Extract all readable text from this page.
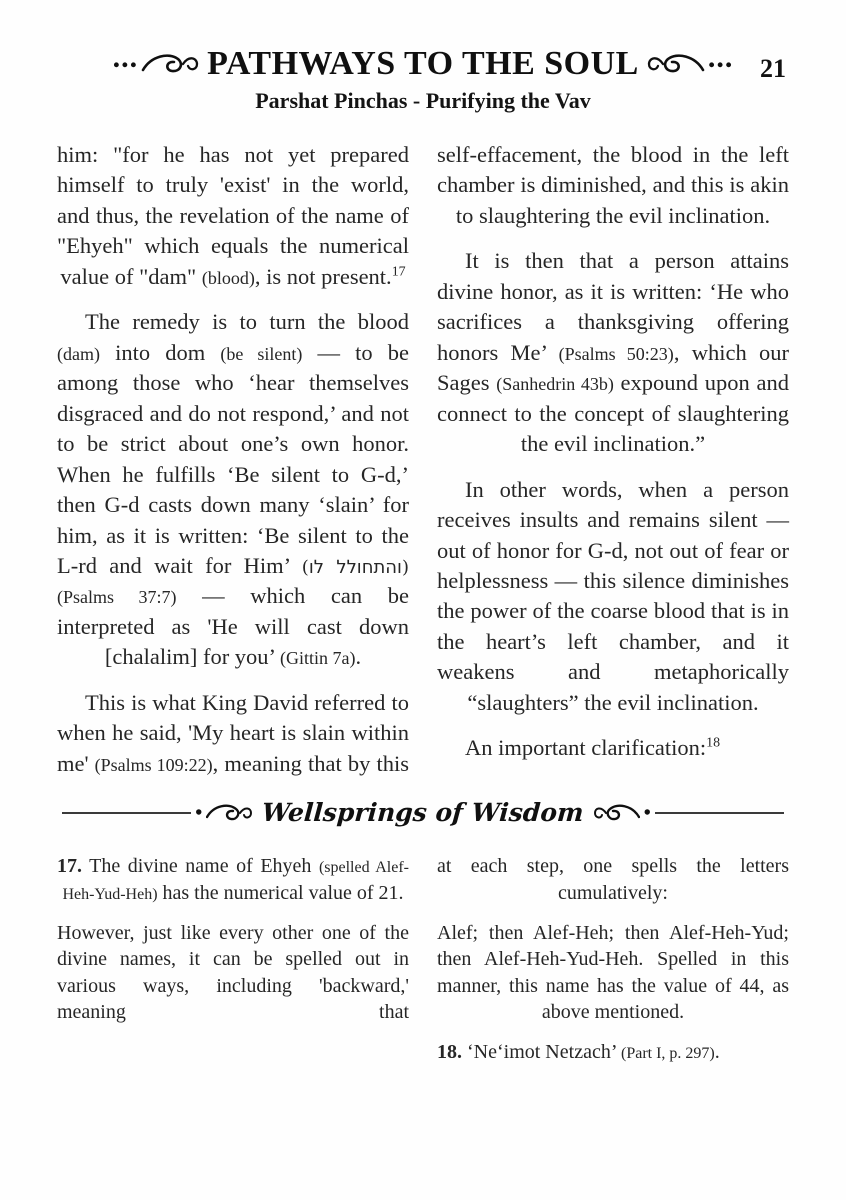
... PATHWAYS TO THE SOUL ... 21
Parshat Pinchas - Purifying the Vav

him: "for he has not yet prepared himself to truly 'exist' in the world, and thus, the revelation of the name of "Ehyeh" which equals the numerical value of "dam" (blood), is not present.$^{17}$

The remedy is to turn the blood (dam) into dom (be silent) — to be among those who ‘hear themselves disgraced and do not respond,’ and not to be strict about one’s own honor. When he fulfills ‘Be silent to G-d,’ then G-d casts down many ‘slain’ for him, as it is written: ‘Be silent to the L-rd and wait for Him’ (והתחולל לו) (Psalms 37:7) — which can be interpreted as 'He will cast down [chalalim] for you’ (Gittin 7a).

This is what King David referred to when he said, 'My heart is slain within me' (Psalms 109:22), meaning that by this

self-effacement, the blood in the left chamber is diminished, and this is akin to slaughtering the evil inclination.

It is then that a person attains divine honor, as it is written: ‘He who sacrifices a thanksgiving offering honors Me’ (Psalms 50:23), which our Sages (Sanhedrin 43b) expound upon and connect to the concept of slaughtering the evil inclination.”

In other words, when a person receives insults and remains silent — out of honor for G-d, not out of fear or helplessness — this silence diminishes the power of the coarse blood that is in the heart’s left chamber, and it weakens and metaphorically “slaughters” the evil inclination.

An important clarification:$^{18}$

• Wellsprings of Wisdom	•

17. The divine name of Ehyeh (spelled Alef-Heh-Yud-Heh) has the numerical value of 21.

However, just like every other one of the divine names, it can be spelled out in various ways, including 'backward,' meaning that

at each step, one spells the letters cumulatively:

Alef; then Alef-Heh; then Alef-Heh-Yud; then Alef-Heh-Yud-Heh. Spelled in this manner, this name has the value of 44, as above mentioned.

18. ‘Ne‘imot Netzach’ (Part I, p. 297).
